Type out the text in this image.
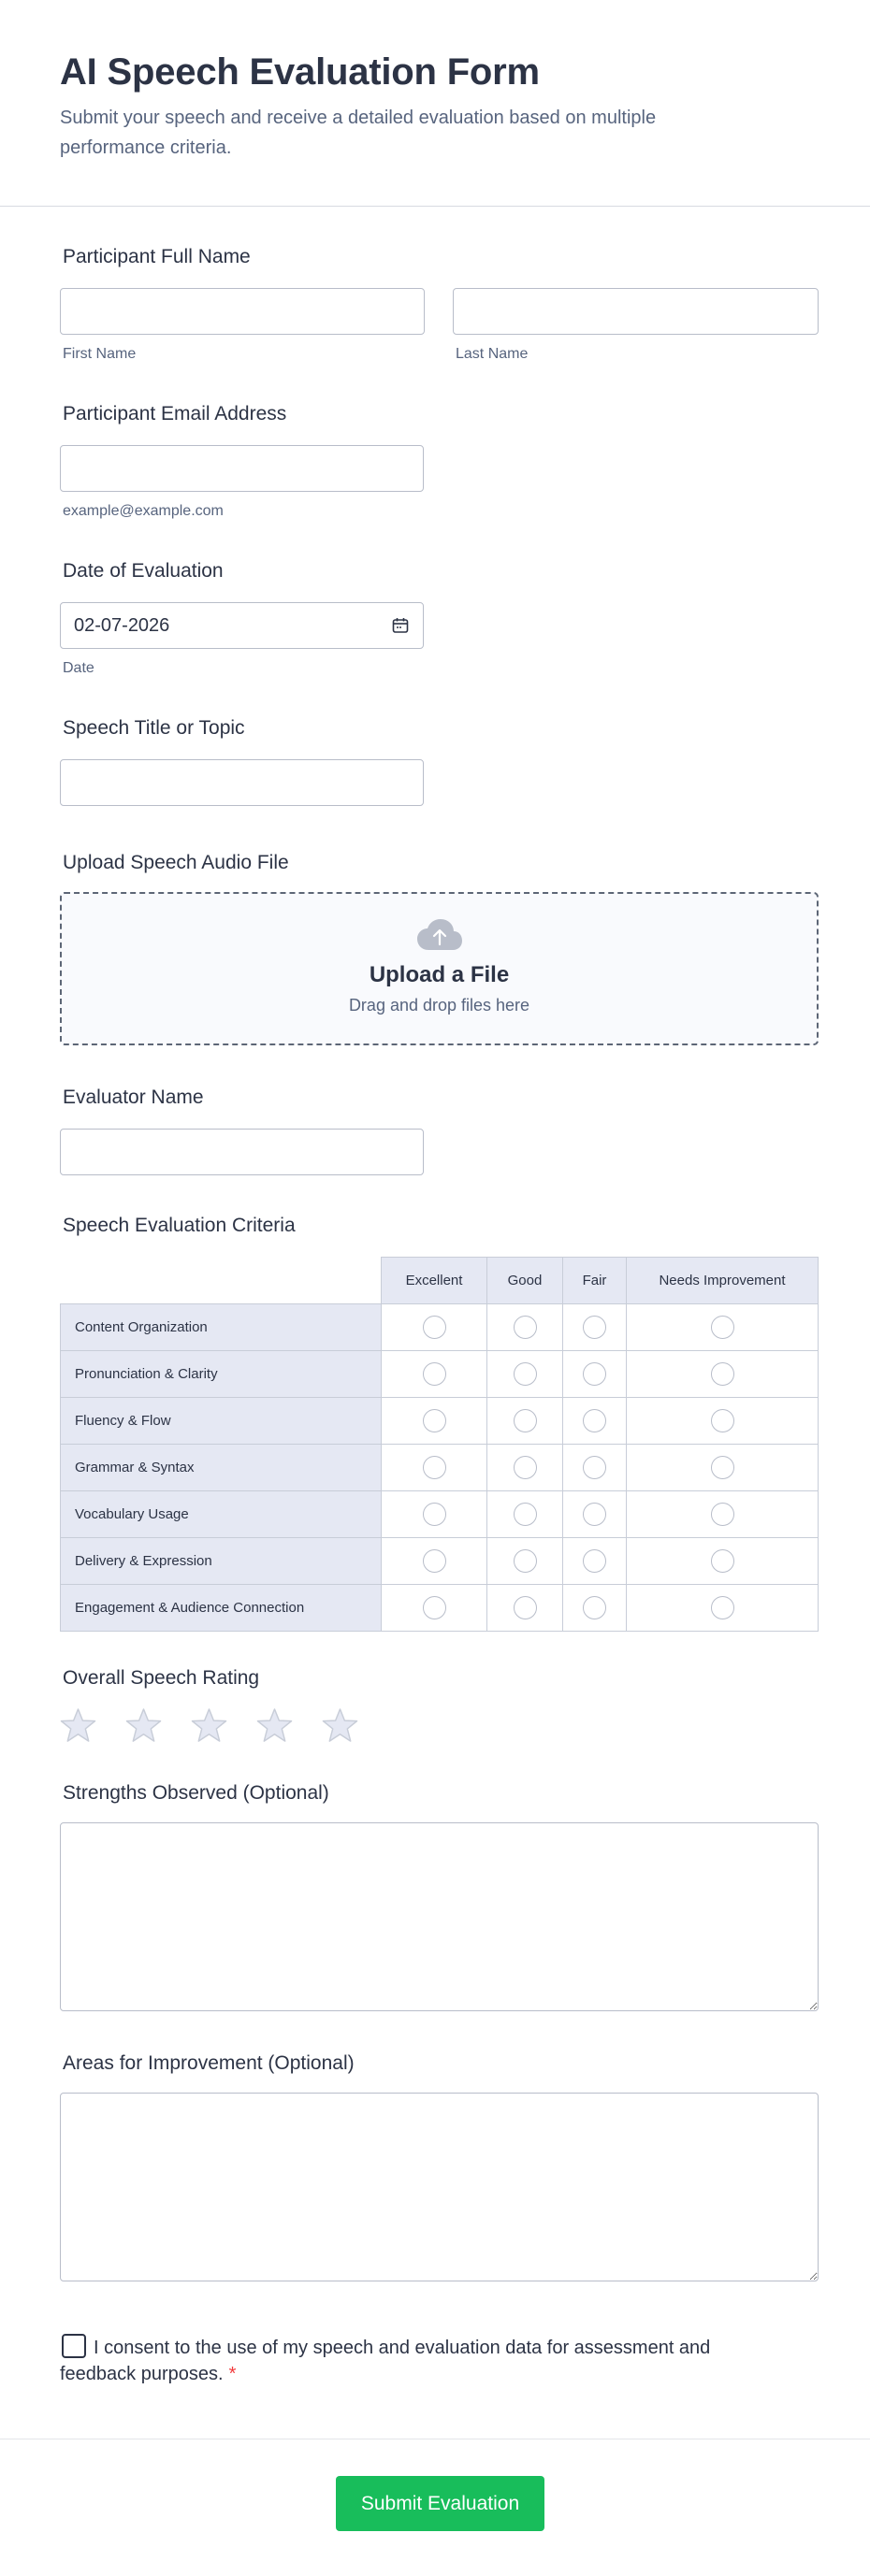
AI Speech Evaluation Form

Submit your speech and receive a detailed evaluation based on multiple performance criteria.

Participant Full Name
First Name	Last Name
Participant Email Address
example@example.com
Date of Evaluation
02-07-2026
Date
Speech Title or Topic
Upload Speech Audio File
Upload a File
Drag and drop files here
Evaluator Name
Speech Evaluation Criteria
	Excellent	Good	Fair	Needs Improvement
Content Organization				
Pronunciation & Clarity				
Fluency & Flow				
Grammar & Syntax				
Vocabulary Usage				
Delivery & Expression				
Engagement & Audience Connection				
Overall Speech Rating
Strengths Observed (Optional)
Areas for Improvement (Optional)
I consent to the use of my speech and evaluation data for assessment and feedback purposes. *
Submit Evaluation
